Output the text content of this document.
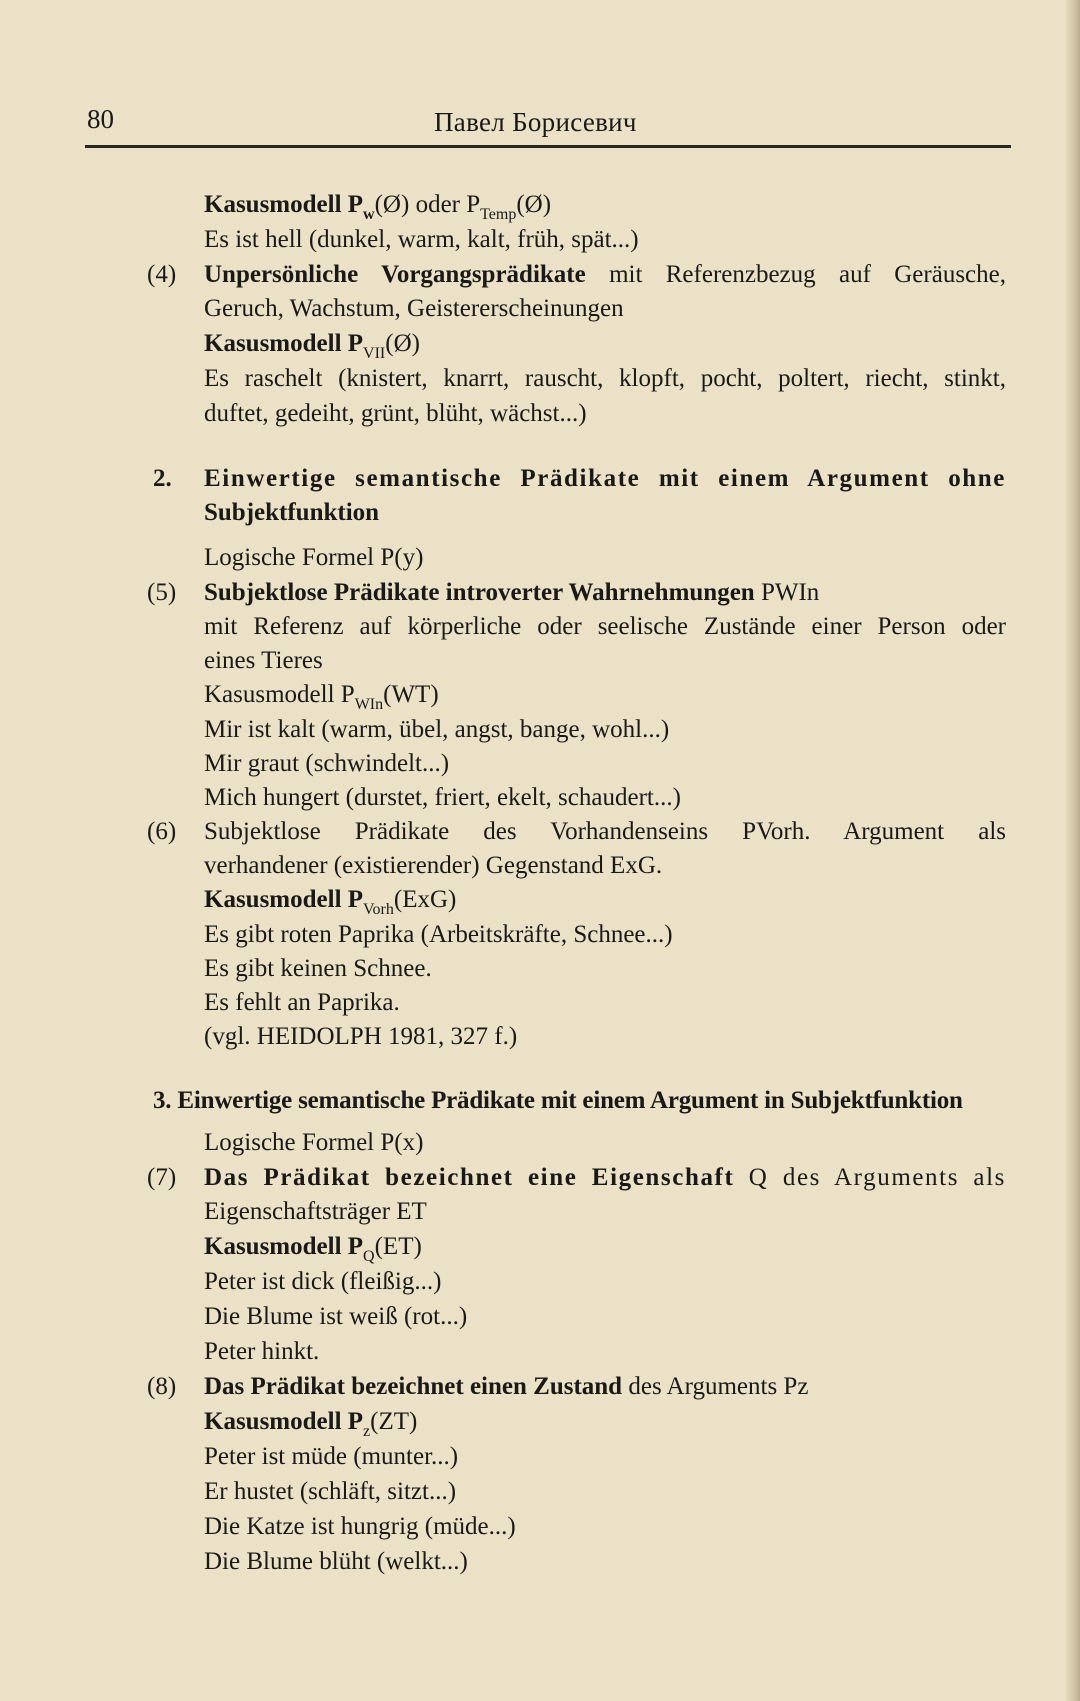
80	Павел Борисевич
Kasusmodell $P_w(Ø)$ oder $P_{Temp}(Ø)$
Es ist hell (dunkel, warm, kalt, früh, spät...)
(4) Unpersönliche Vorgangsprädikate mit Referenzbezug auf Geräusche,
Geruch, Wachstum, Geistererscheinungen
Kasusmodell $P_{VII}(Ø)$
Es raschelt (knistert, knarrt, rauscht, klopft, pocht, poltert, riecht, stinkt,
duftet, gedeiht, grünt, blüht, wächst...)
2. Einwertige semantische Prädikate mit einem Argument ohne
Subjektfunktion
Logische Formel P(y)
(5) Subjektlose Prädikate introverter Wahrnehmungen PWIn
mit Referenz auf körperliche oder seelische Zustände einer Person oder
eines Tieres
Kasusmodell $P_{WIn}(WT)$
Mir ist kalt (warm, übel, angst, bange, wohl...)
Mir graut (schwindelt...)
Mich hungert (durstet, friert, ekelt, schaudert...)
(6) Subjektlose Prädikate des Vorhandenseins PVorh. Argument als
verhandener (existierender) Gegenstand ExG.
Kasusmodell $P_{Vorh}(ExG)$
Es gibt roten Paprika (Arbeitskräfte, Schnee...)
Es gibt keinen Schnee.
Es fehlt an Paprika.
(vgl. HEIDOLPH 1981, 327 f.)
3. Einwertige semantische Prädikate mit einem Argument in Subjektfunktion
Logische Formel P(x)
(7) Das Prädikat bezeichnet eine Eigenschaft Q des Arguments als
Eigenschaftsträger ET
Kasusmodell $P_Q(ET)$
Peter ist dick (fleißig...)
Die Blume ist weiß (rot...)
Peter hinkt.
(8) Das Prädikat bezeichnet einen Zustand des Arguments Pz
Kasusmodell $P_z(ZT)$
Peter ist müde (munter...)
Er hustet (schläft, sitzt...)
Die Katze ist hungrig (müde...)
Die Blume blüht (welkt...)
